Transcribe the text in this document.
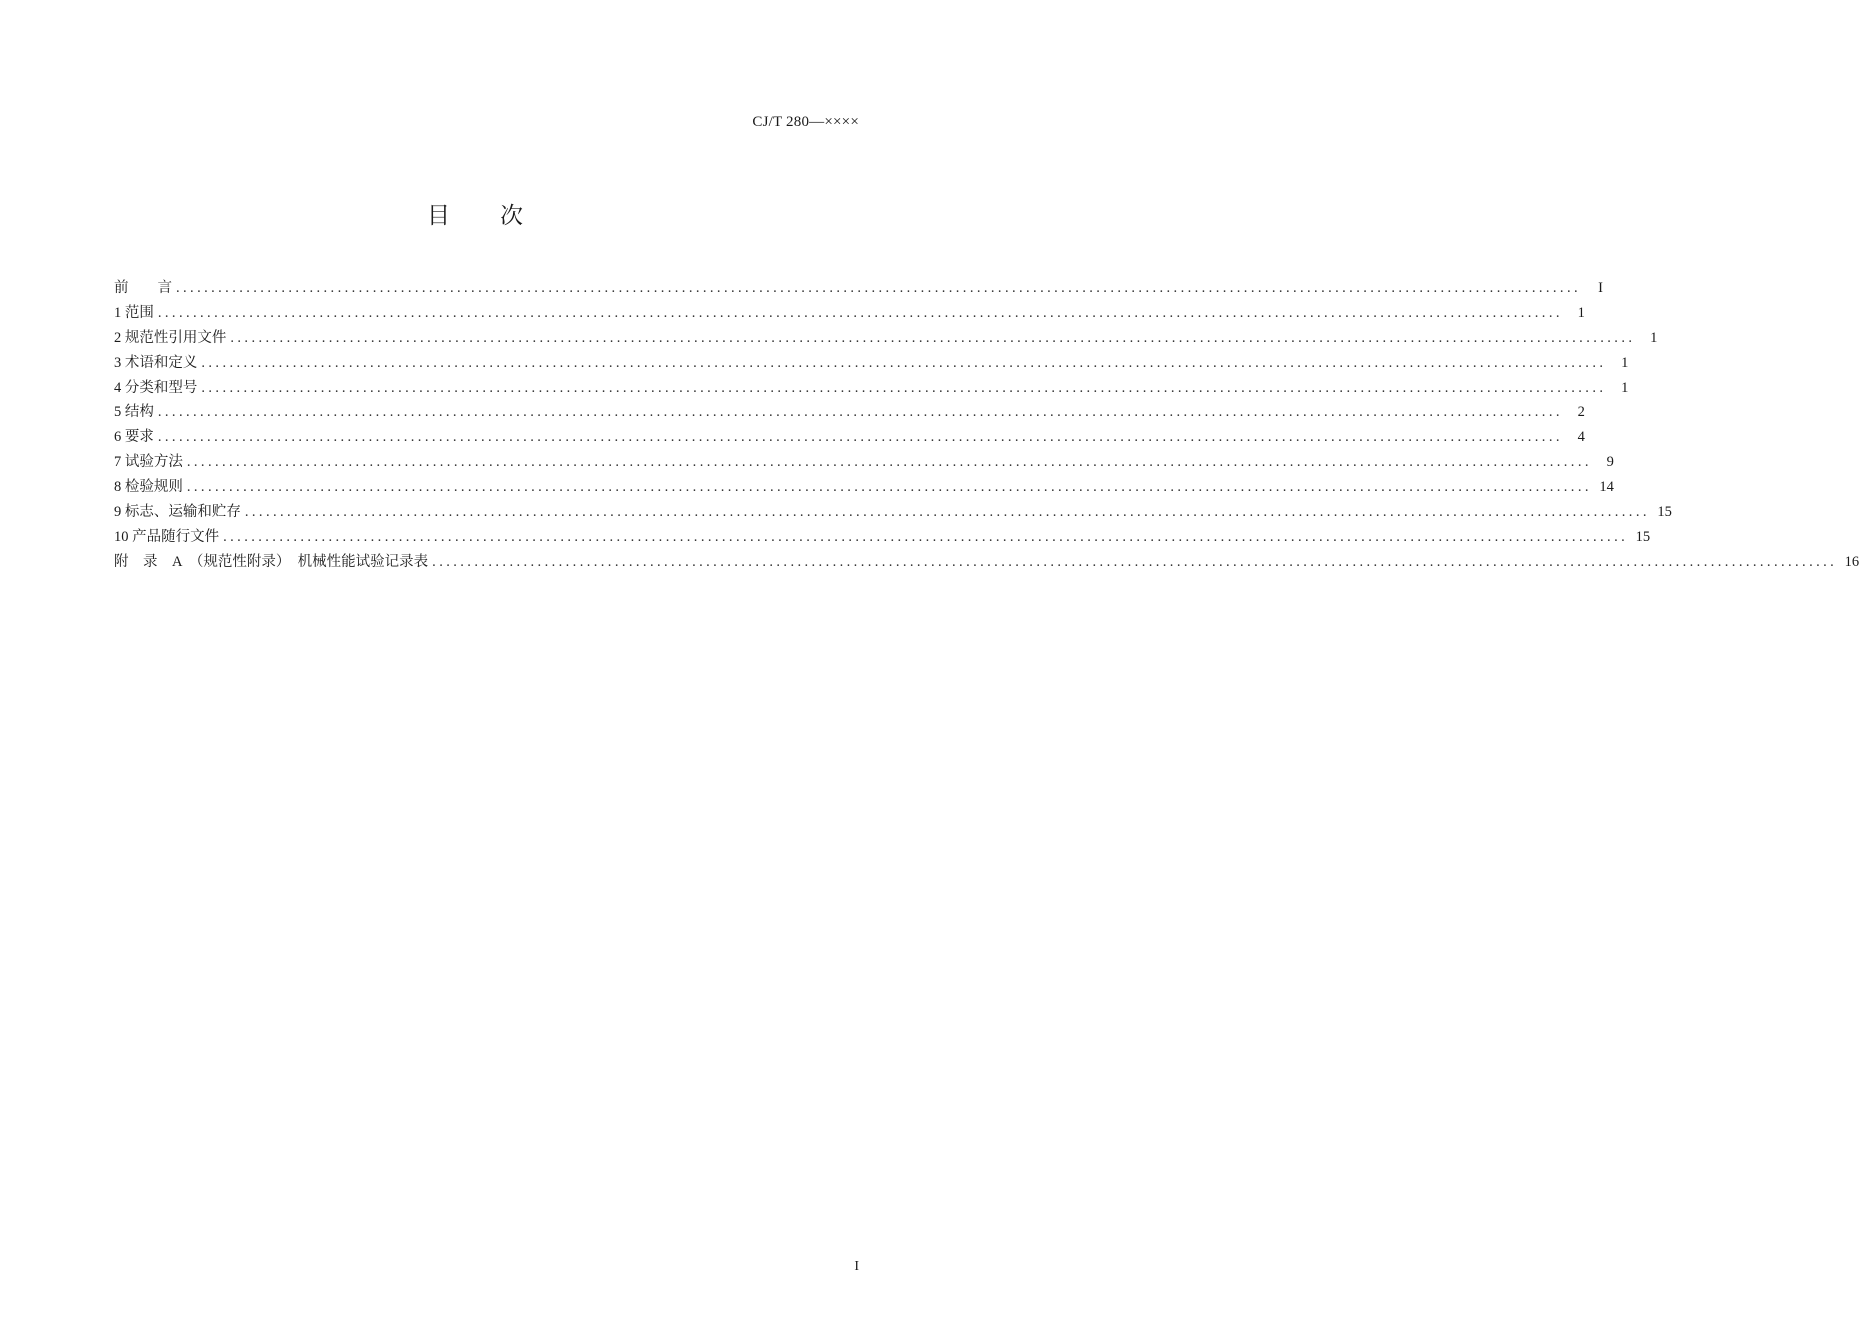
CJ/T 280—××××
目 次
前　　言 ........................................................................................................................................................................................................	I
1 范围 ........................................................................................................................................................................................................	1
2 规范性引用文件 ........................................................................................................................................................................................................	1
3 术语和定义 ........................................................................................................................................................................................................	1
4 分类和型号 ........................................................................................................................................................................................................	1
5 结构 ........................................................................................................................................................................................................	2
6 要求 ........................................................................................................................................................................................................	4
7 试验方法 ........................................................................................................................................................................................................	9
8 检验规则 ........................................................................................................................................................................................................ 14
9 标志、运输和贮存 ........................................................................................................................................................................................................ 15
10 产品随行文件 ........................................................................................................................................................................................................ 15
附　录　A　（规范性附录）　机械性能试验记录表 ........................................................................................................................................................................................................ 16
I
